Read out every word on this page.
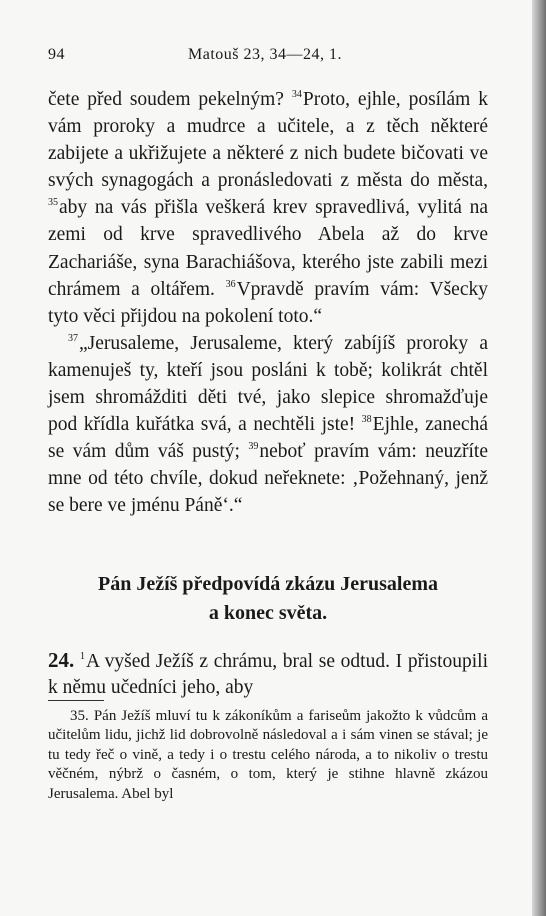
94	Matouš 23, 34—24, 1.

čete před soudem pekelným? $^{34}$Proto, ejhle, posílám k vám proroky a mudrce a učitele, a z těch některé zabijete a ukřižujete a některé z nich budete bičovati ve svých synagogách a pronásledovati z města do města, $^{35}$aby na vás přišla veškerá krev spravedlivá, vylitá na zemi od krve spravedlivého Abela až do krve Zachariáše, syna Barachiášova, kterého jste zabili mezi chrámem a oltářem. $^{36}$Vpravdě pravím vám: Všecky tyto věci přijdou na pokolení toto.“

$^{37}$„Jerusaleme, Jerusaleme, který zabíjíš proroky a kamenuješ ty, kteří jsou posláni k tobě; kolikrát chtěl jsem shromážditi děti tvé, jako slepice shromažďuje pod křídla kuřátka svá, a nechtěli jste! $^{38}$Ejhle, zanechá se vám dům váš pustý; $^{39}$neboť pravím vám: neuzříte mne od této chvíle, dokud neřeknete: ‚Požehnaný, jenž se bere ve jménu Páně‘.“

Pán Ježíš předpovídá zkázu Jerusalema
a konec světa.
24. $^1$A vyšed Ježíš z chrámu, bral se odtud. I přistoupili k němu učedníci jeho, aby

35. Pán Ježíš mluví tu k zákoníkům a fariseům jakožto k vůdcům a učitelům lidu, jichž lid dobrovolně následoval a i sám vinen se stával; je tu tedy řeč o vině, a tedy i o trestu celého národa, a to nikoliv o trestu věčném, nýbrž o časném, o tom, který je stihne hlavně zkázou Jerusalema. Abel byl
